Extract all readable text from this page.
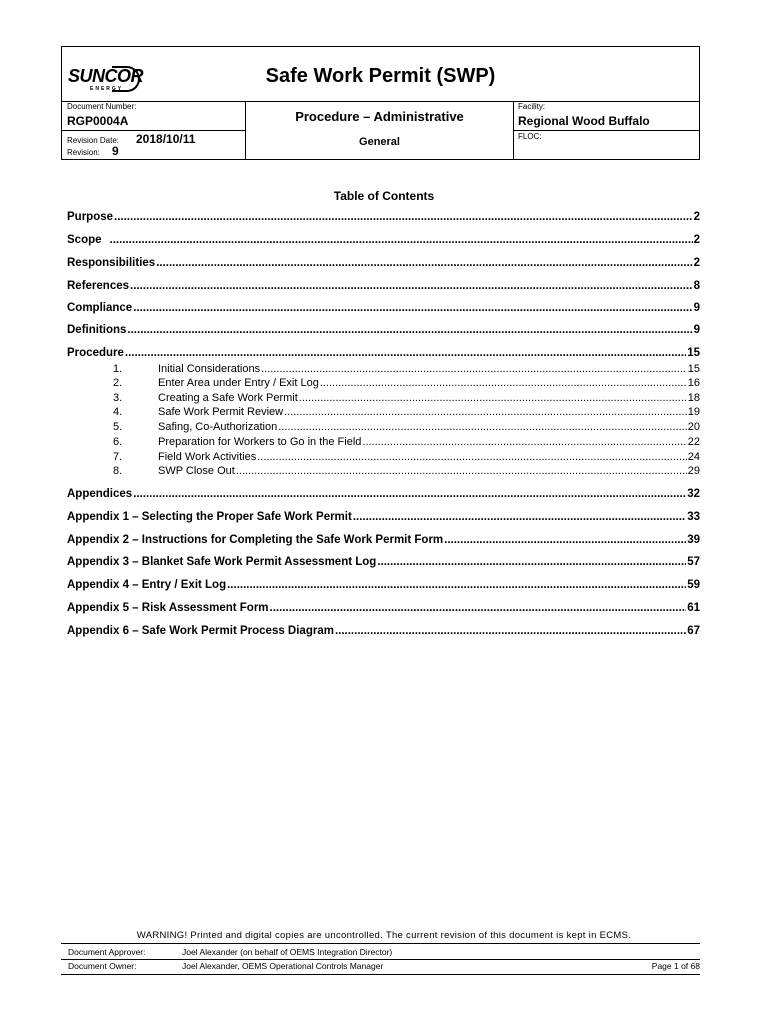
SUNCOR
ENERGY
Safe Work Permit (SWP)
Document Number:
RGP0004A
Revision Date: 2018/10/11
Revision: 9
Procedure – Administrative
General
Facility:
Regional Wood Buffalo
FLOC:
Table of Contents
Purpose .....	2
Scope .....	2
Responsibilities .....	2
References .....	8
Compliance .....	9
Definitions .....	9
Procedure .....	15
1.	Initial Considerations .....	15
2.	Enter Area under Entry / Exit Log .....	16
3.	Creating a Safe Work Permit .....	18
4.	Safe Work Permit Review .....	19
5.	Safing, Co-Authorization .....	20
6.	Preparation for Workers to Go in the Field .....	22
7.	Field Work Activities .....	24
8.	SWP Close Out .....	29
Appendices .....	32
Appendix 1 – Selecting the Proper Safe Work Permit .....	33
Appendix 2 – Instructions for Completing the Safe Work Permit Form .....	39
Appendix 3 – Blanket Safe Work Permit Assessment Log .....	57
Appendix 4 – Entry / Exit Log .....	59
Appendix 5 – Risk Assessment Form .....	61
Appendix 6 – Safe Work Permit Process Diagram .....	67
WARNING! Printed and digital copies are uncontrolled. The current revision of this document is kept in ECMS.
Document Approver:	Joel Alexander (on behalf of OEMS Integration Director)
Document Owner:	Joel Alexander, OEMS Operational Controls Manager	Page 1 of 68
